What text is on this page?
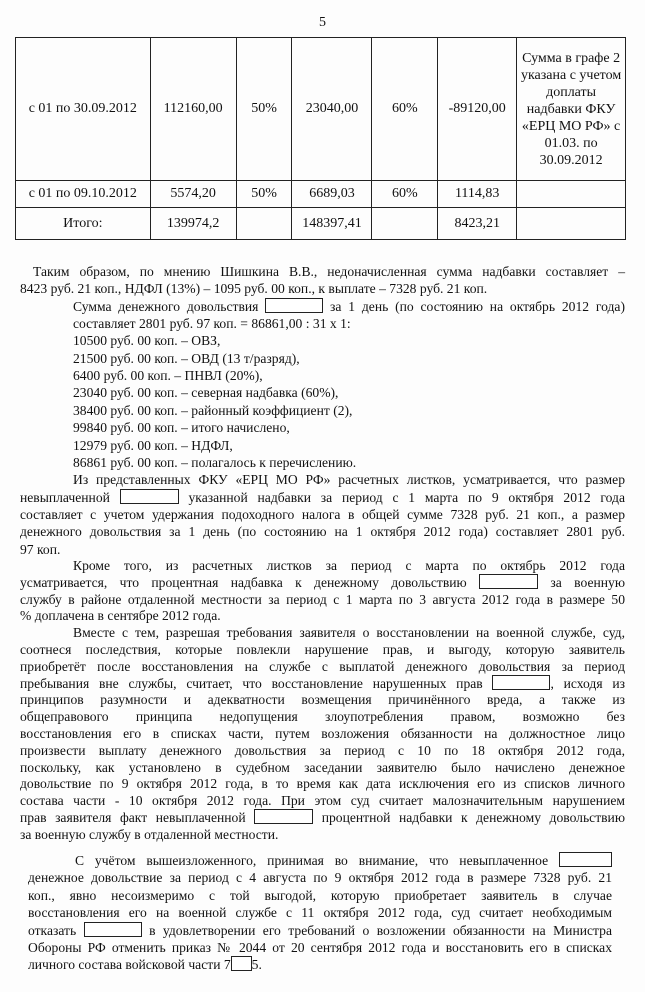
5
с 01 по 30.09.2012	112160,00	50%	23040,00	60%	-89120,00	Сумма в графе 2 указана с учетом доплаты надбавки ФКУ «ЕРЦ МО РФ» с 01.03. по 30.09.2012
с 01 по 09.10.2012	5574,20	50%	6689,03	60%	1114,83	
Итого:	139974,2		148397,41		8423,21	
Таким образом, по мнению Шишкина В.В., недоначисленная сумма надбавки составляет –
8423 руб. 21 коп., НДФЛ (13%) – 1095 руб. 00 коп., к выплате – 7328 руб. 21 коп.
Сумма денежного довольствия	за 1 день (по состоянию на октябрь 2012 года)
составляет 2801 руб. 97 коп. = 86861,00 : 31 х 1:
10500 руб. 00 коп. – ОВЗ,
21500 руб. 00 коп. – ОВД (13 т/разряд),
6400 руб. 00 коп. – ПНВЛ (20%),
23040 руб. 00 коп. – северная надбавка (60%),
38400 руб. 00 коп. – районный коэффициент (2),
99840 руб. 00 коп. – итого начислено,
12979 руб. 00 коп. – НДФЛ,
86861 руб. 00 коп. – полагалось к перечислению.
Из представленных ФКУ «ЕРЦ МО РФ» расчетных листков, усматривается, что размер
невыплаченной	указанной надбавки за период с 1 марта по 9 октября 2012 года
составляет с учетом удержания подоходного налога в общей сумме 7328 руб. 21 коп., а размер
денежного довольствия за 1 день (по состоянию на 1 октября 2012 года) составляет 2801 руб.
97 коп.
Кроме того, из расчетных листков за период с марта по октябрь 2012 года
усматривается, что процентная надбавка к денежному довольствию	за военную
службу в районе отдаленной местности за период с 1 марта по 3 августа 2012 года в размере 50
% доплачена в сентябре 2012 года.
Вместе с тем, разрешая требования заявителя о восстановлении на военной службе, суд,
соотнеся последствия, которые повлекли нарушение прав, и выгоду, которую заявитель
приобретёт после восстановления на службе с выплатой денежного довольствия за период
пребывания вне службы, считает, что восстановление нарушенных прав	, исходя из
принципов разумности и адекватности возмещения причинённого вреда, а также из
общеправового принципа недопущения злоупотребления правом, возможно без
восстановления его в списках части, путем возложения обязанности на должностное лицо
произвести выплату денежного довольствия за период с 10 по 18 октября 2012 года,
поскольку, как установлено в судебном заседании заявителю было начислено денежное
довольствие по 9 октября 2012 года, в то время как дата исключения его из списков личного
состава части - 10 октября 2012 года. При этом суд считает малозначительным нарушением
прав заявителя факт невыплаченной	процентной надбавки к денежному довольствию
за военную службу в отдаленной местности.
С учётом вышеизложенного, принимая во внимание, что невыплаченное
денежное довольствие за период с 4 августа по 9 октября 2012 года в размере 7328 руб. 21
коп., явно несоизмеримо с той выгодой, которую приобретает заявитель в случае
восстановления его на военной службе с 11 октября 2012 года, суд считает необходимым
отказать	в удовлетворении его требований о возложении обязанности на Министра
Обороны РФ отменить приказ № 2044 от 20 сентября 2012 года и восстановить его в списках
личного состава войсковой части 7 5.
